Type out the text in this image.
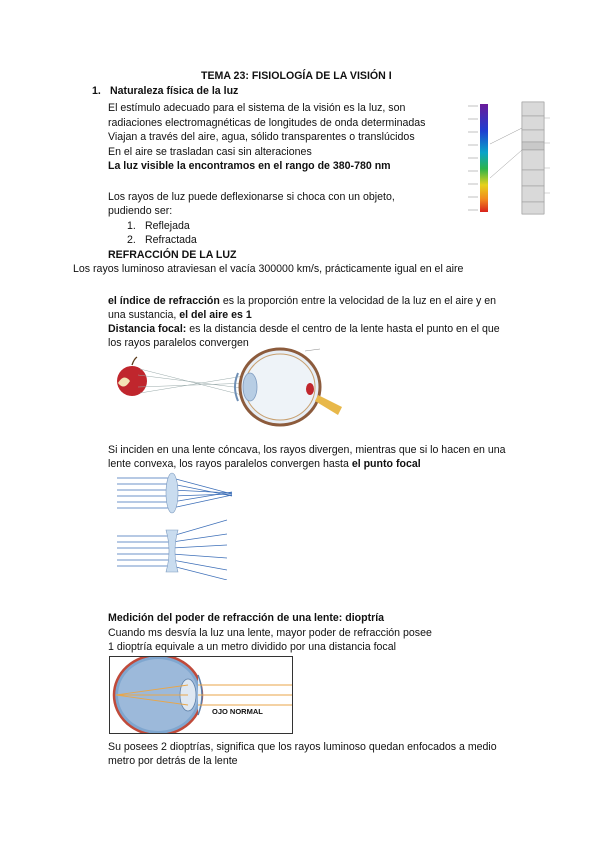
TEMA 23: FISIOLOGÍA DE LA VISIÓN I
1. Naturaleza física de la luz
El estímulo adecuado para el sistema de la visión es la luz, son
radiaciones electromagnéticas de longitudes de onda determinadas
Viajan a través del aire, agua, sólido transparentes o translúcidos
En el aire se trasladan casi sin alteraciones
La luz visible la encontramos en el rango de 380-780 nm
Los rayos de luz puede deflexionarse si choca con un objeto,
pudiendo ser:
1. Reflejada
2. Refractada
REFRACCIÓN DE LA LUZ
Los rayos luminoso atraviesan el vacía 300000 km/s, prácticamente igual en el aire
el índice de refracción es la proporción entre la velocidad de la luz en el aire y en
una sustancia, el del aire es 1
Distancia focal: es la distancia desde el centro de la lente hasta el punto en el que
los rayos paralelos convergen
Si inciden en una lente cóncava, los rayos divergen, mientras que si lo hacen en una
lente convexa, los rayos paralelos convergen hasta el punto focal
Medición del poder de refracción de una lente: dioptría
Cuando ms desvía la luz una lente, mayor poder de refracción posee
1 dioptría equivale a un metro dividido por una distancia focal
OJO NORMAL
Su posees 2 dioptrías, significa que los rayos luminoso quedan enfocados a medio
metro por detrás de la lente
